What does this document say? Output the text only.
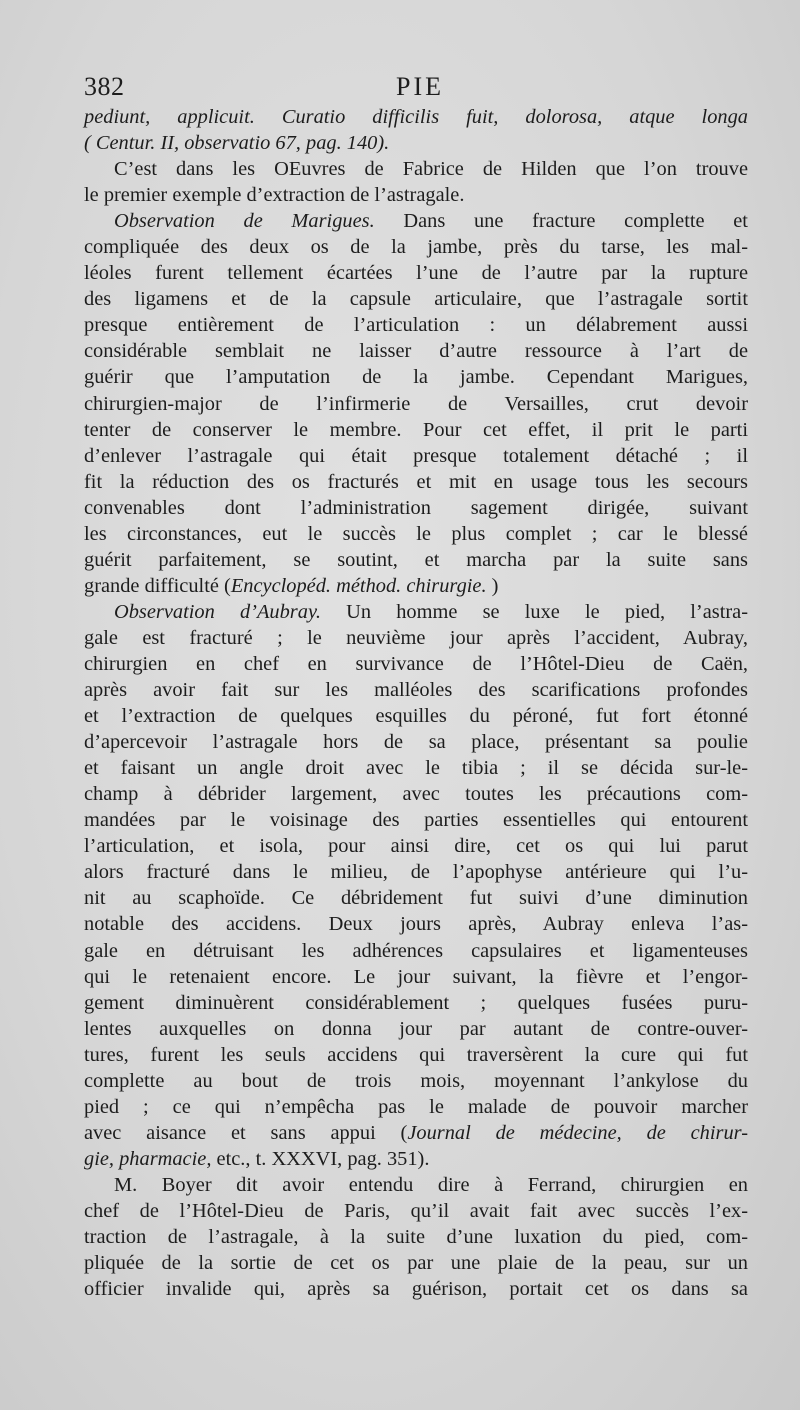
382	PIE
pediunt, applicuit. Curatio difficilis fuit, dolorosa, atque longa
( Centur. II, observatio 67, pag. 140).
C’est dans les OEuvres de Fabrice de Hilden que l’on trouve
le premier exemple d’extraction de l’astragale.
Observation de Marigues. Dans une fracture complette et
compliquée des deux os de la jambe, près du tarse, les mal-
léoles furent tellement écartées l’une de l’autre par la rupture
des ligamens et de la capsule articulaire, que l’astragale sortit
presque entièrement de l’articulation : un délabrement aussi
considérable semblait ne laisser d’autre ressource à l’art de
guérir que l’amputation de la jambe. Cependant Marigues,
chirurgien-major de l’infirmerie de Versailles, crut devoir
tenter de conserver le membre. Pour cet effet, il prit le parti
d’enlever l’astragale qui était presque totalement détaché ; il
fit la réduction des os fracturés et mit en usage tous les secours
convenables dont l’administration sagement dirigée, suivant
les circonstances, eut le succès le plus complet ; car le blessé
guérit parfaitement, se soutint, et marcha par la suite sans
grande difficulté (Encyclopéd. méthod. chirurgie. )
Observation d’Aubray. Un homme se luxe le pied, l’astra-
gale est fracturé ; le neuvième jour après l’accident, Aubray,
chirurgien en chef en survivance de l’Hôtel-Dieu de Caën,
après avoir fait sur les malléoles des scarifications profondes
et l’extraction de quelques esquilles du péroné, fut fort étonné
d’apercevoir l’astragale hors de sa place, présentant sa poulie
et faisant un angle droit avec le tibia ; il se décida sur-le-
champ à débrider largement, avec toutes les précautions com-
mandées par le voisinage des parties essentielles qui entourent
l’articulation, et isola, pour ainsi dire, cet os qui lui parut
alors fracturé dans le milieu, de l’apophyse antérieure qui l’u-
nit au scaphoïde. Ce débridement fut suivi d’une diminution
notable des accidens. Deux jours après, Aubray enleva l’as-
gale en détruisant les adhérences capsulaires et ligamenteuses
qui le retenaient encore. Le jour suivant, la fièvre et l’engor-
gement diminuèrent considérablement ; quelques fusées puru-
lentes auxquelles on donna jour par autant de contre-ouver-
tures, furent les seuls accidens qui traversèrent la cure qui fut
complette au bout de trois mois, moyennant l’ankylose du
pied ; ce qui n’empêcha pas le malade de pouvoir marcher
avec aisance et sans appui (Journal de médecine, de chirur-
gie, pharmacie, etc., t. XXXVI, pag. 351).
M. Boyer dit avoir entendu dire à Ferrand, chirurgien en
chef de l’Hôtel-Dieu de Paris, qu’il avait fait avec succès l’ex-
traction de l’astragale, à la suite d’une luxation du pied, com-
pliquée de la sortie de cet os par une plaie de la peau, sur un
officier invalide qui, après sa guérison, portait cet os dans sa
